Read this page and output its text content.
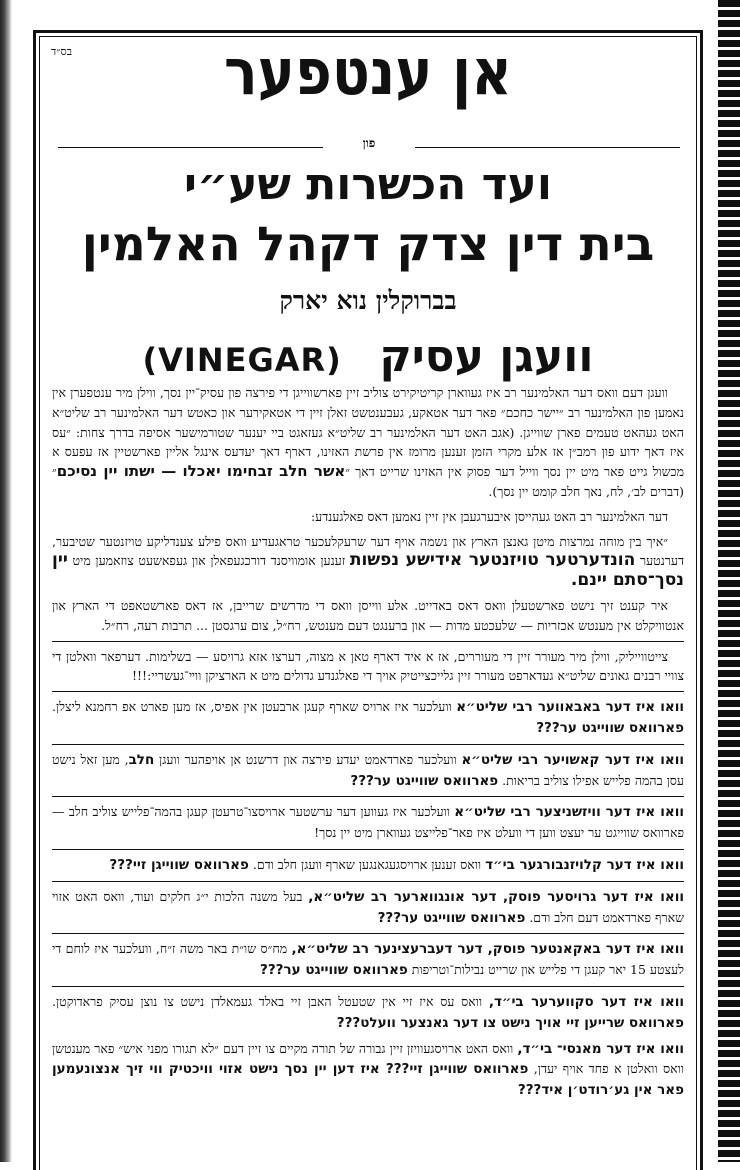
בס״ד	אן ענטפער
פון
ועד הכשרות שע״י
בית דין צדק דקהל האלמין
בברוקלין נוא יארק
(VINEGAR) וועגן עסיק

וועגן דעם וואס דער האלמינער רב איז געווארן קריטיקירט צוליב זיין פארשווייגן די פירצה פון עסיק־יין נסך, ווילן מיר ענטפערן אין נאמען פון האלמינער רב ״יישר כחכם״ פאר דער אטאקע, געבענטשט זאלן זיין די אטאקירער און כאטש דער האלמינער רב שליט״א האט געהאט טעמים פארן שווייגן. (אגב האט דער האלמינער רב שליט״א געזאגט ביי יענער שטורמישער אסיפה בדרך צחות: ״עס איז דאך ידוע פון רמב״ן אז אלע מקרי הזמן זענען מרומז אין פרשת האזינו, דארף דאך יעדעס אינגל אליין פארשטיין אז עפעס א מכשול גייט פאר מיט יין נסך ווייל דער פסוק אין האזינו שרייט דאך ״אשר חלב זבחימו יאכלו — ישתו יין נסיכם״ (דברים לב׳, לח, נאך חלב קומט יין נסך).

דער האלמינער רב האט געהייסן איבערגעבן אין זיין נאמען דאס פאלגענדע:

״איך בין מוחה נמרצות מיטן גאנצן הארץ און נשמה אויף דער שרעקלעכער טראגעדיע וואס פילע צענדליקע טויזנטער שטיבער, דערנטער הונדערטער טויזנטער אידישע נפשות זענען אומוויסנד דורכגעפאלן און געפאשעט צוזאמען מיט יין נסך־סתם יינם.

איר קענט זיך נישט פארשטעלן וואס דאס באדייט. אלע ווייסן וואס די מדרשים שרייבן, אז דאס פארשטאפט די הארץ און אנטוויקלט אין מענטש אכזריות — שלעכטע מדות — און ברענגט דעם מענטש, רח״ל, צום ערגסטן ... תרבות רעה, רח״ל.

צייטווייליק, ווילן מיר מעורר זיין די מעוררים, אז א איד דארף טאן א מצוה, דערצו אזא גרויסע — בשלימות. דערפאר וואלטן די צוויי רבנים גאונים שליט״א געדארפט מעורר זיין גלייכצייטיק אויך די פאלגנדע גדולים מיט א הארציקן ווײ־געשריי:!!!

וואו איז דער באבאווער רבי שליט״א וועלכער איז ארויס שארף קעגן ארבעטן אין אפיס, אז מען פארט אפ רחמנא ליצלן. פארוואס שווייגט ער???

וואו איז דער קאשויער רבי שליט״א וועלכער פארדאמט יעדע פירצה און דרשנט אן אויפהער וועגן חלב, מען זאל נישט עסן בהמה פלייש אפילו צוליב בריאות. פארוואס שווייגט ער???

וואו איז דער וויזשניצער רבי שליט״א וועלכער איז געווען דער ערשטער ארויסצו־טרעטן קעגן בהמה־פלייש צוליב חלב — פארוואס שווייגט ער יעצט ווען די וועלט איז פאר־פלייצט געווארן מיט יין נסך!

וואו איז דער קלויזנבורגער בי״ד וואס זענען ארויסגעגאנגען שארף וועגן חלב ודם. פארוואס שווייגן זיי???

וואו איז דער גרויסער פוסק, דער אונגווארער רב שליט״א, בעל משנה הלכות י״ג חלקים ועוד, וואס האט אזוי שארף פארדאמט דעם חלב ודם. פארוואס שווייגט ער???

וואו איז דער באקאנטער פוסק, דער דעברעצינער רב שליט״א, מח״ס שו״ת באר משה ז״ח, וועלכער איז לוחם די לעצטע 15 יאר קעגן די פלייש און שרייט נבילות־וטריפות פארוואס שווייגט ער???

וואו איז דער סקווערער בי״ד, וואס עס איז זיי אין שטעטל האבן זיי באלד געמאלדן נישט צו נוצן עסיק פראדוקטן. פארוואס שרייען זיי אויך נישט צו דער גאנצער וועלט???

וואו איז דער מאנסי־ בי״ד, וואס האט ארויסגעוויזן זיין גבורה של תורה מקיים צו זיין דעם ״לא תגורו מפני איש״ פאר מענטשן וואס וואלטן א פחד אויף יעדן, פארוואס שווייגן זיי??? איז דען יין נסך נישט אזוי וויכטיק ווי זיך אנצונעמען פאר אין גע׳רודט׳ן איד???
